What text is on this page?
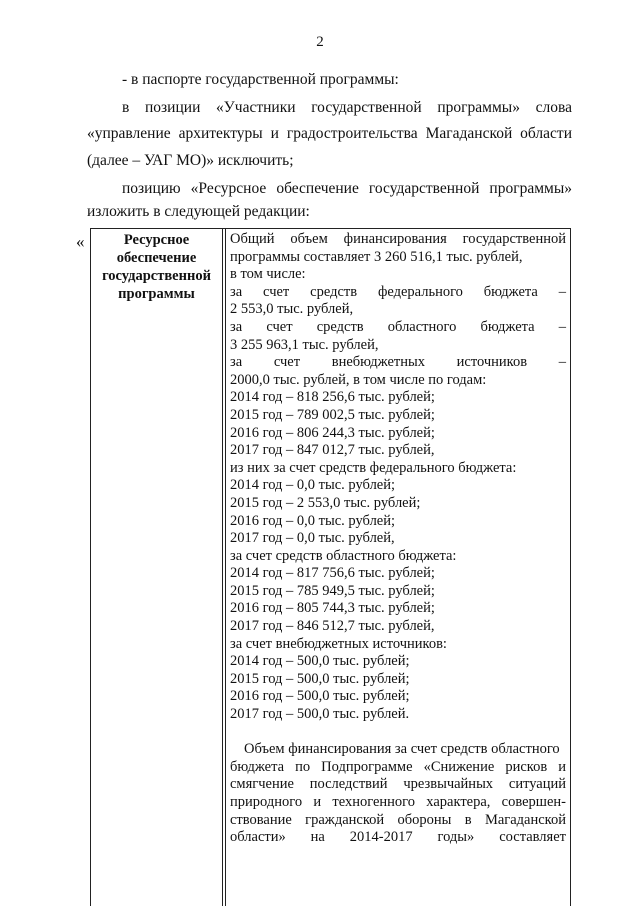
2

- в паспорте государственной программы:

в позиции «Участники государственной программы» слова

«управление архитектуры и градостроительства Магаданской области

(далее – УАГ МО)» исключить;

позицию «Ресурсное обеспечение государственной программы»

изложить в следующей редакции:

«	Ресурсное
обеспечение
государственной
программы
Общий объем финансирования государственной
программы составляет 3 260 516,1 тыс. рублей,
в том числе:
за счет средств федерального бюджета –
2 553,0 тыс. рублей,
за счет средств областного бюджета –
3 255 963,1 тыс. рублей,
за счет внебюджетных источников –
2000,0 тыс. рублей, в том числе по годам:
2014 год – 818 256,6 тыс. рублей;
2015 год – 789 002,5 тыс. рублей;
2016 год – 806 244,3 тыс. рублей;
2017 год – 847 012,7 тыс. рублей,
из них за счет средств федерального бюджета:
2014 год – 0,0 тыс. рублей;
2015 год – 2 553,0 тыс. рублей;
2016 год – 0,0 тыс. рублей;
2017 год – 0,0 тыс. рублей,
за счет средств областного бюджета:
2014 год – 817 756,6 тыс. рублей;
2015 год – 785 949,5 тыс. рублей;
2016 год – 805 744,3 тыс. рублей;
2017 год – 846 512,7 тыс. рублей,
за счет внебюджетных источников:
2014 год – 500,0 тыс. рублей;
2015 год – 500,0 тыс. рублей;
2016 год – 500,0 тыс. рублей;
2017 год – 500,0 тыс. рублей.
Объем финансирования за счет средств областного
бюджета по Подпрограмме «Снижение рисков и
смягчение последствий чрезвычайных ситуаций
природного и техногенного характера, совершен-
ствование гражданской обороны в Магаданской
области» на 2014-2017 годы» составляет
